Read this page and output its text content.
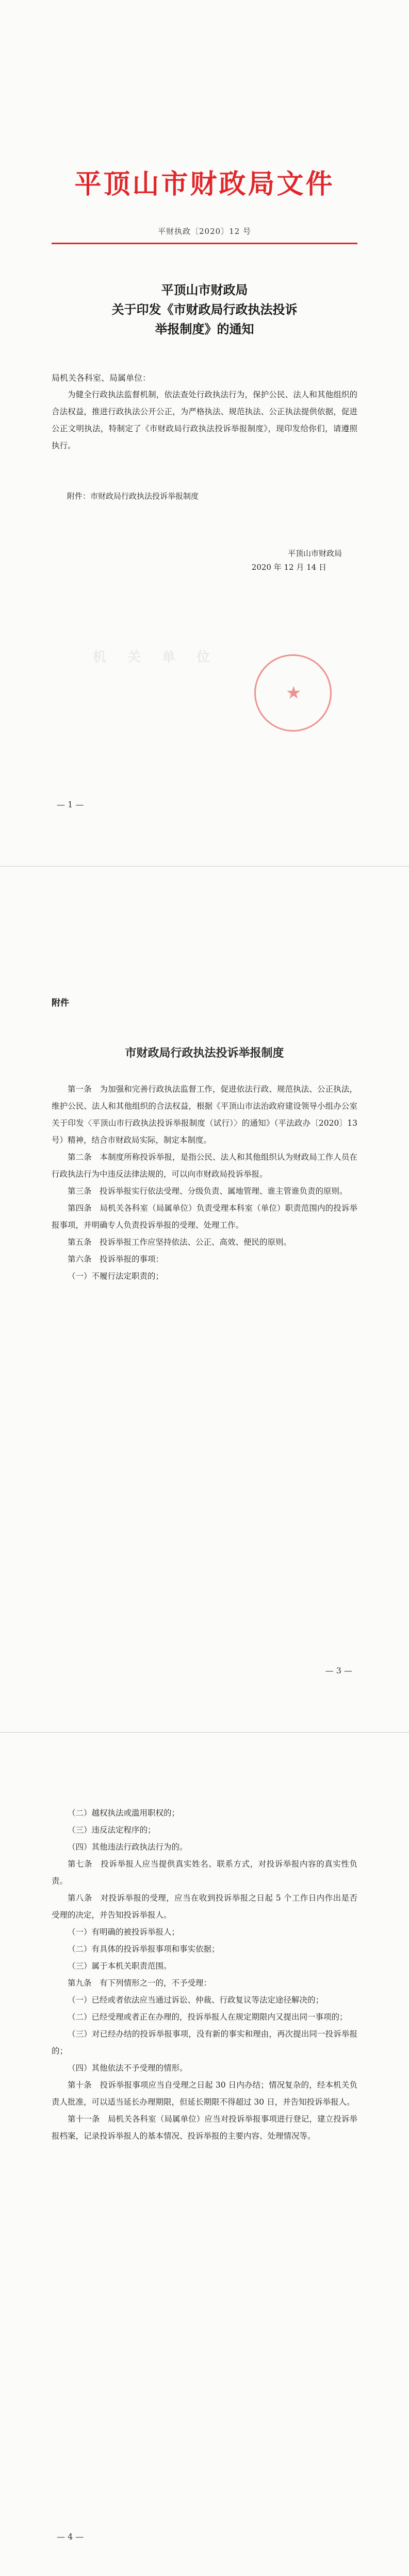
平顶山市财政局文件
平财执政〔2020〕12 号
平顶山市财政局
关于印发《市财政局行政执法投诉
举报制度》的通知
局机关各科室、局属单位：

为健全行政执法监督机制，依法查处行政执法行为，保护公民、法人和其他组织的合法权益，推进行政执法公开公正，为严格执法、规范执法、公正执法提供依据，促进公正文明执法，特制定了《市财政局行政执法投诉举报制度》，现印发给你们，请遵照执行。

附件：市财政局行政执法投诉举报制度
机 关 单 位
平顶山市财政局
2020 年 12 月 14 日
★
— 1 —
附件
市财政局行政执法投诉举报制度

第一条　为加强和完善行政执法监督工作，促进依法行政、规范执法、公正执法，维护公民、法人和其他组织的合法权益，根据《平顶山市法治政府建设领导小组办公室关于印发〈平顶山市行政执法投诉举报制度（试行）〉的通知》（平法政办〔2020〕13号）精神，结合市财政局实际，制定本制度。

第二条　本制度所称投诉举报，是指公民、法人和其他组织认为财政局工作人员在行政执法行为中违反法律法规的，可以向市财政局投诉举报。

第三条　投诉举报实行依法受理、分级负责、属地管理、谁主管谁负责的原则。

第四条　局机关各科室（局属单位）负责受理本科室（单位）职责范围内的投诉举报事项，并明确专人负责投诉举报的受理、处理工作。

第五条　投诉举报工作应坚持依法、公正、高效、便民的原则。

第六条　投诉举报的事项：

（一）不履行法定职责的；

— 3 —

（二）越权执法或滥用职权的；

（三）违反法定程序的；

（四）其他违法行政执法行为的。

第七条　投诉举报人应当提供真实姓名、联系方式，对投诉举报内容的真实性负责。

第八条　对投诉举报的受理，应当在收到投诉举报之日起 5 个工作日内作出是否受理的决定，并告知投诉举报人。

（一）有明确的被投诉举报人；

（二）有具体的投诉举报事项和事实依据；

（三）属于本机关职责范围。

第九条　有下列情形之一的，不予受理：

（一）已经或者依法应当通过诉讼、仲裁、行政复议等法定途径解决的；

（二）已经受理或者正在办理的，投诉举报人在规定期限内又提出同一事项的；

（三）对已经办结的投诉举报事项，没有新的事实和理由，再次提出同一投诉举报的；

（四）其他依法不予受理的情形。

第十条　投诉举报事项应当自受理之日起 30 日内办结；情况复杂的，经本机关负责人批准，可以适当延长办理期限，但延长期限不得超过 30 日，并告知投诉举报人。

第十一条　局机关各科室（局属单位）应当对投诉举报事项进行登记，建立投诉举报档案，记录投诉举报人的基本情况、投诉举报的主要内容、处理情况等。

— 4 —
